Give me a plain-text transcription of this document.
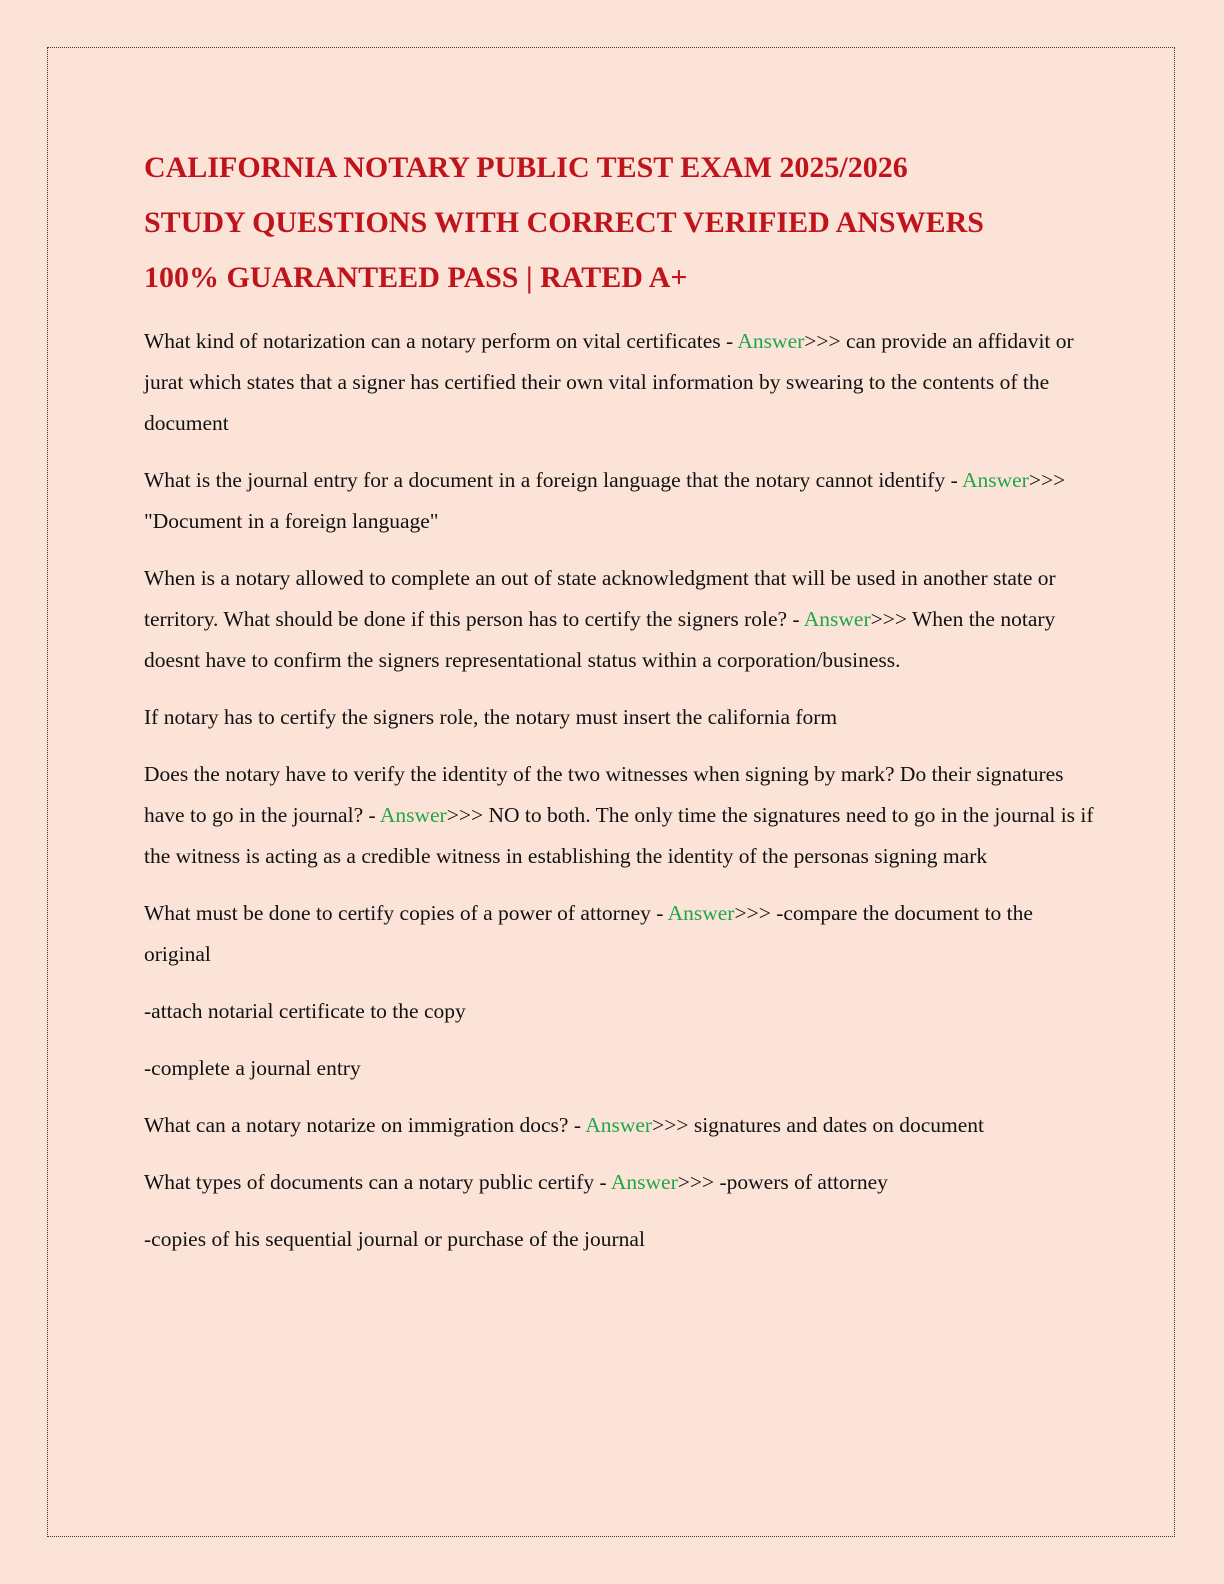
CALIFORNIA NOTARY PUBLIC TEST EXAM 2025/2026
STUDY QUESTIONS WITH CORRECT VERIFIED ANSWERS
100% GUARANTEED PASS | RATED A+

What kind of notarization can a notary perform on vital certificates - Answer>>> can provide an affidavit or jurat which states that a signer has certified their own vital information by swearing to the contents of the document

What is the journal entry for a document in a foreign language that the notary cannot identify - Answer>>> "Document in a foreign language"

When is a notary allowed to complete an out of state acknowledgment that will be used in another state or territory. What should be done if this person has to certify the signers role? - Answer>>> When the notary doesnt have to confirm the signers representational status within a corporation/business.

If notary has to certify the signers role, the notary must insert the california form

Does the notary have to verify the identity of the two witnesses when signing by mark? Do their signatures have to go in the journal? - Answer>>> NO to both. The only time the signatures need to go in the journal is if the witness is acting as a credible witness in establishing the identity of the personas signing mark

What must be done to certify copies of a power of attorney - Answer>>> -compare the document to the original

-attach notarial certificate to the copy

-complete a journal entry

What can a notary notarize on immigration docs? - Answer>>> signatures and dates on document

What types of documents can a notary public certify - Answer>>> -powers of attorney

-copies of his sequential journal or purchase of the journal
